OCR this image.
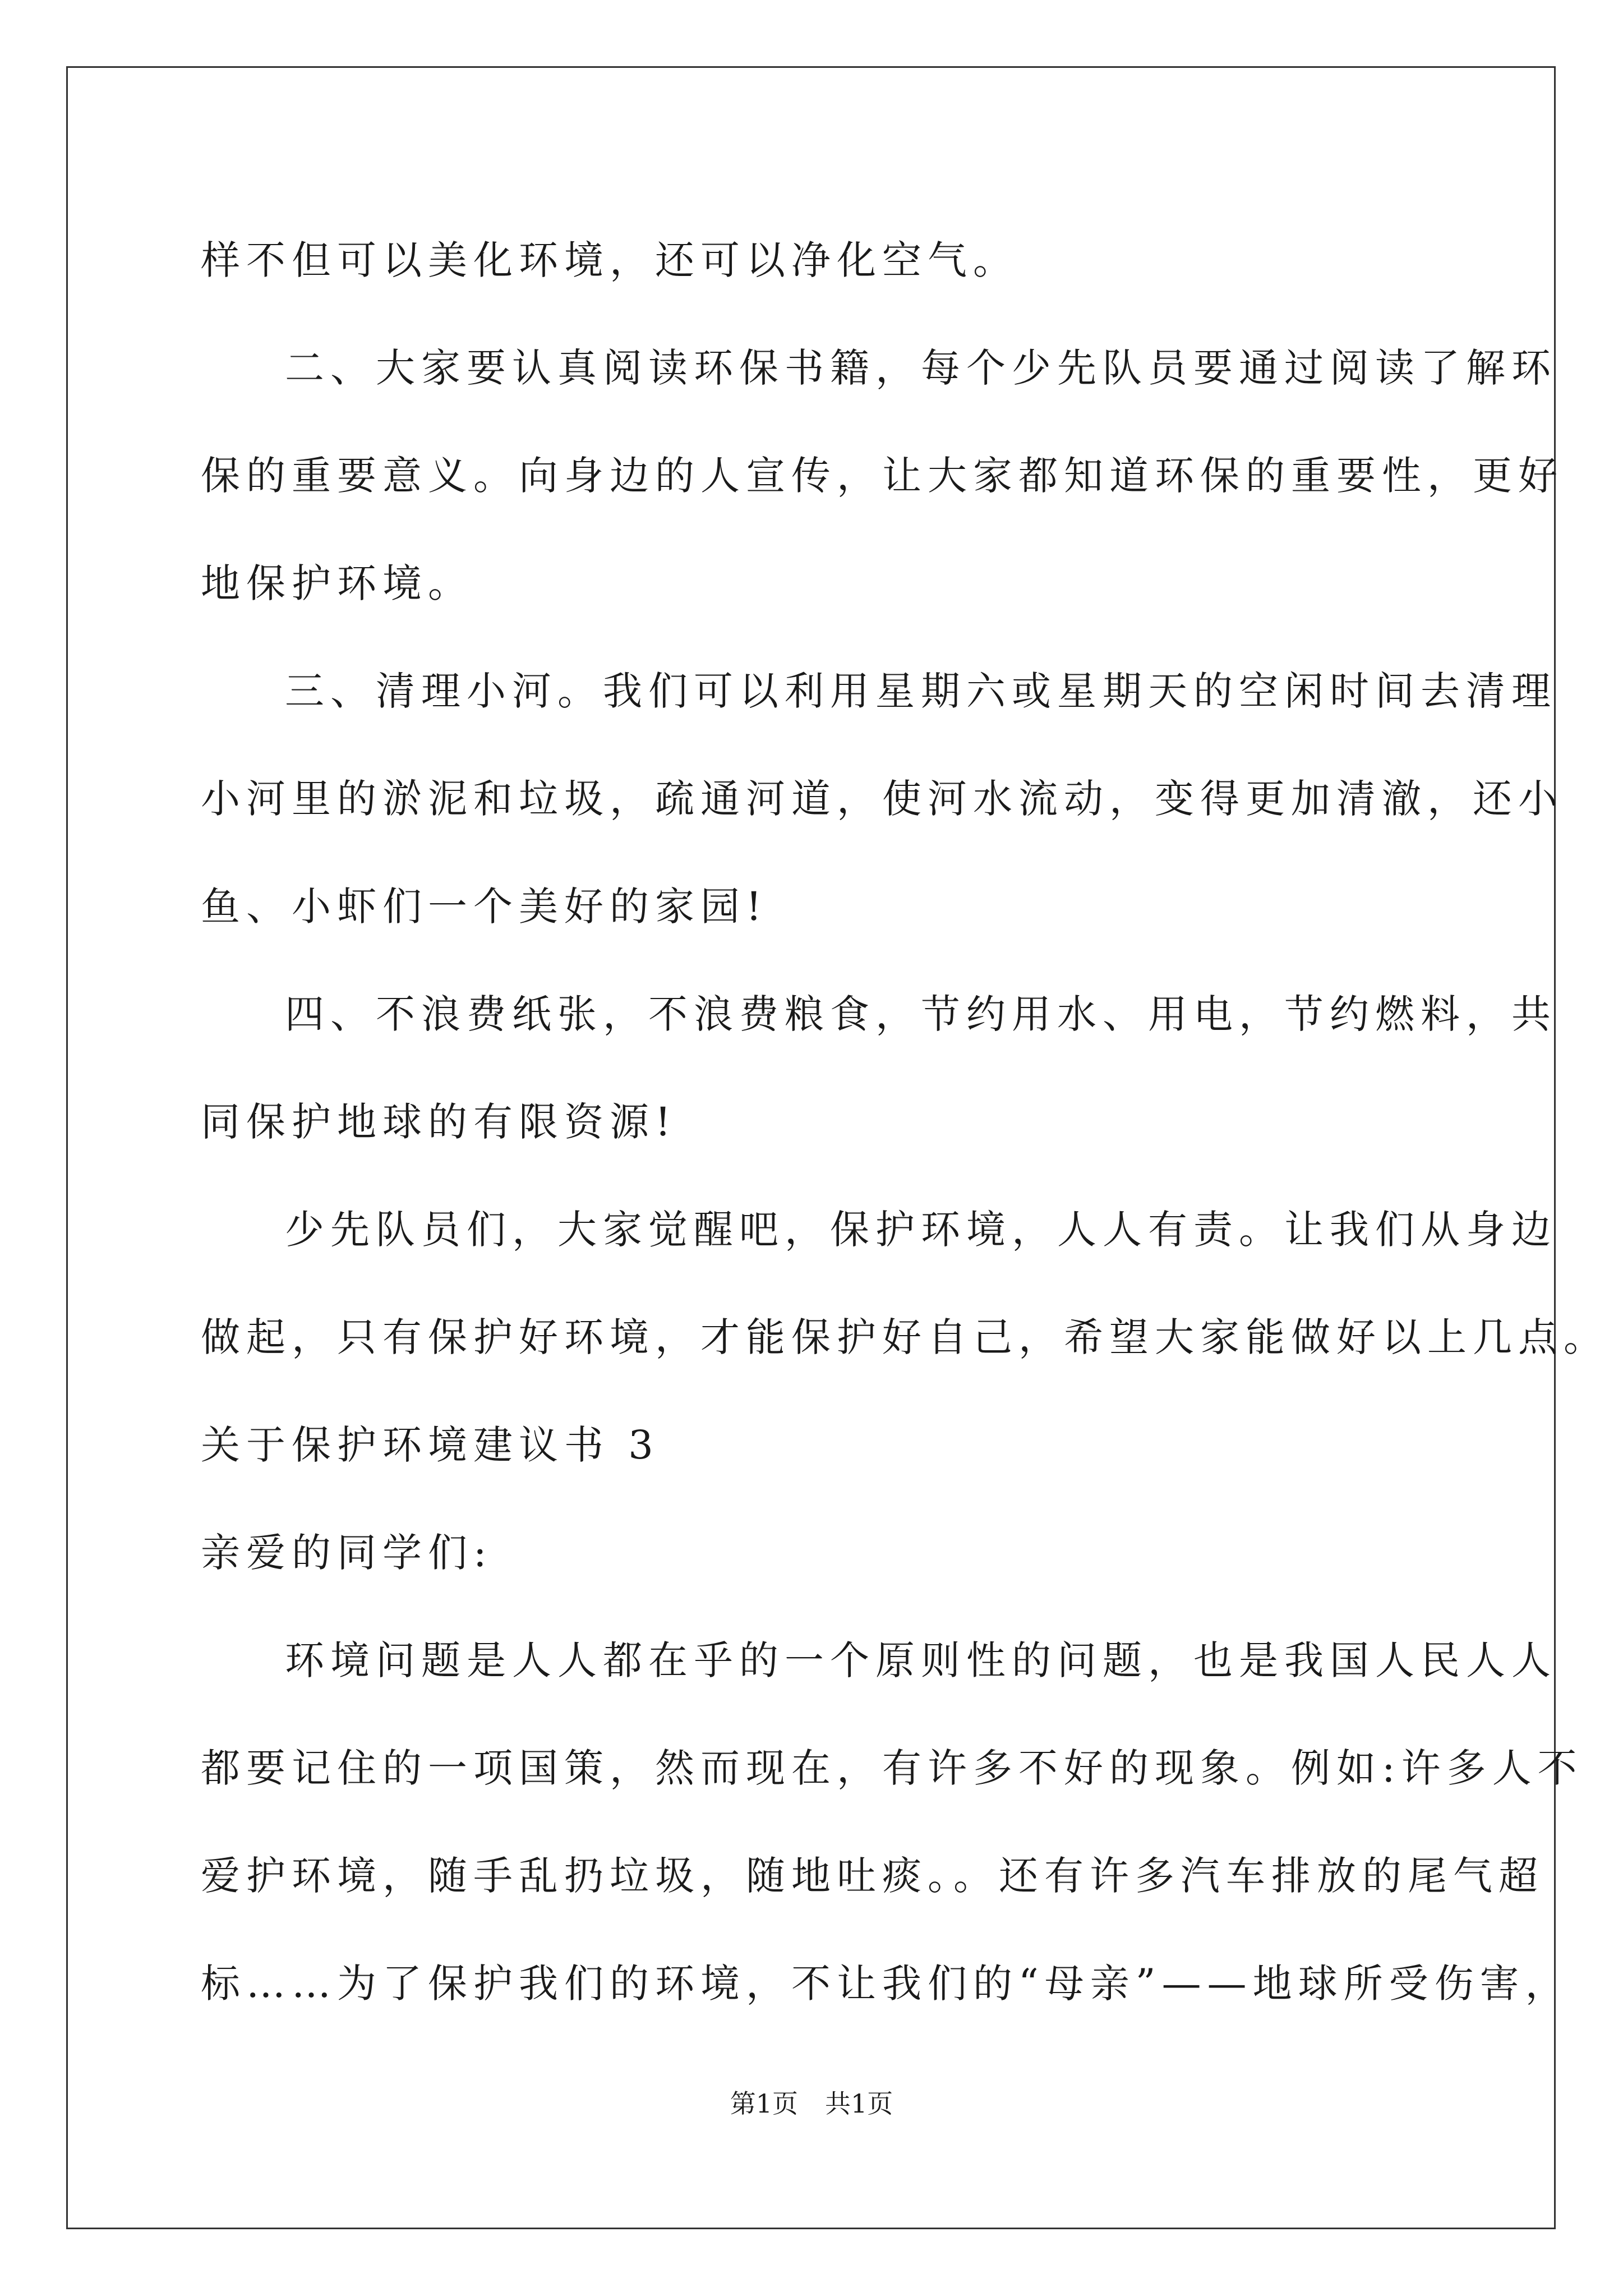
样不但可以美化环境，还可以净化空气。
二、大家要认真阅读环保书籍，每个少先队员要通过阅读了解环
保的重要意义。向身边的人宣传，让大家都知道环保的重要性，更好
地保护环境。
三、清理小河。我们可以利用星期六或星期天的空闲时间去清理
小河里的淤泥和垃圾，疏通河道，使河水流动，变得更加清澈，还小
鱼、小虾们一个美好的家园!
四、不浪费纸张，不浪费粮食，节约用水、用电，节约燃料，共
同保护地球的有限资源!
少先队员们，大家觉醒吧，保护环境，人人有责。让我们从身边
做起，只有保护好环境，才能保护好自己，希望大家能做好以上几点。
关于保护环境建议书 3
亲爱的同学们:
环境问题是人人都在乎的一个原则性的问题，也是我国人民人人
都要记住的一项国策，然而现在，有许多不好的现象。例如:许多人不
爱护环境，随手乱扔垃圾，随地吐痰。。还有许多汽车排放的尾气超
标……为了保护我们的环境，不让我们的“母亲”——地球所受伤害，
第1页 共1页
